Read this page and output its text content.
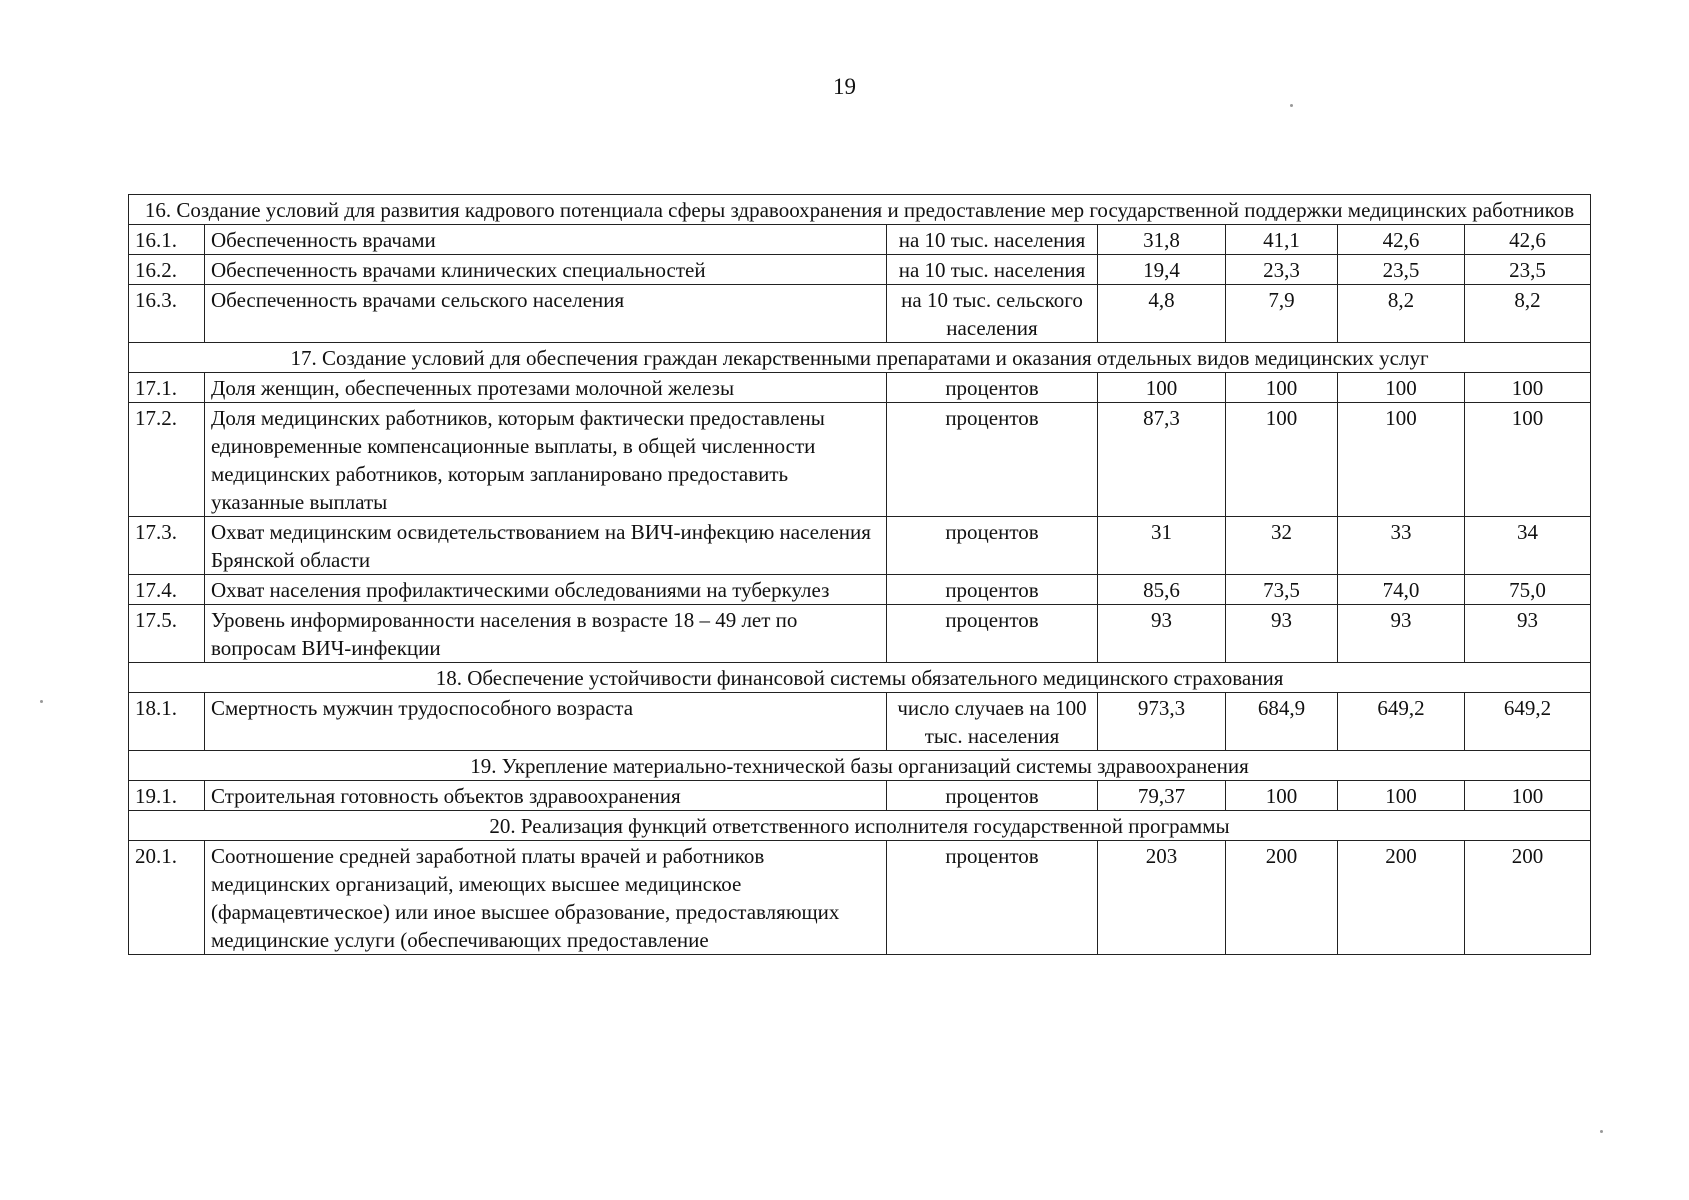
19
16. Создание условий для развития кадрового потенциала сферы здравоохранения и предоставление мер государственной поддержки медицинских работников						
16.1.	Обеспеченность врачами	на 10 тыс. населения	31,8	41,1	42,6	42,6
16.2.	Обеспеченность врачами клинических специальностей	на 10 тыс. населения	19,4	23,3	23,5	23,5
16.3.	Обеспеченность врачами сельского населения	на 10 тыс. сельского населения	4,8	7,9	8,2	8,2
17. Создание условий для обеспечения граждан лекарственными препаратами и оказания отдельных видов медицинских услуг						
17.1.	Доля женщин, обеспеченных протезами молочной железы	процентов	100	100	100	100
17.2.	Доля медицинских работников, которым фактически предоставлены единовременные компенсационные выплаты, в общей численности медицинских работников, которым запланировано предоставить указанные выплаты	процентов	87,3	100	100	100
17.3.	Охват медицинским освидетельствованием на ВИЧ-инфекцию населения Брянской области	процентов	31	32	33	34
17.4.	Охват населения профилактическими обследованиями на туберкулез	процентов	85,6	73,5	74,0	75,0
17.5.	Уровень информированности населения в возрасте 18 – 49 лет по вопросам ВИЧ-инфекции	процентов	93	93	93	93
18. Обеспечение устойчивости финансовой системы обязательного медицинского страхования						
18.1.	Смертность мужчин трудоспособного возраста	число случаев на 100 тыс. населения	973,3	684,9	649,2	649,2
19. Укрепление материально-технической базы организаций системы здравоохранения						
19.1.	Строительная готовность объектов здравоохранения	процентов	79,37	100	100	100
20. Реализация функций ответственного исполнителя государственной программы						
20.1.	Соотношение средней заработной платы врачей и работников медицинских организаций, имеющих высшее медицинское (фармацевтическое) или иное высшее образование, предоставляющих медицинские услуги (обеспечивающих предоставление	процентов	203	200	200	200
